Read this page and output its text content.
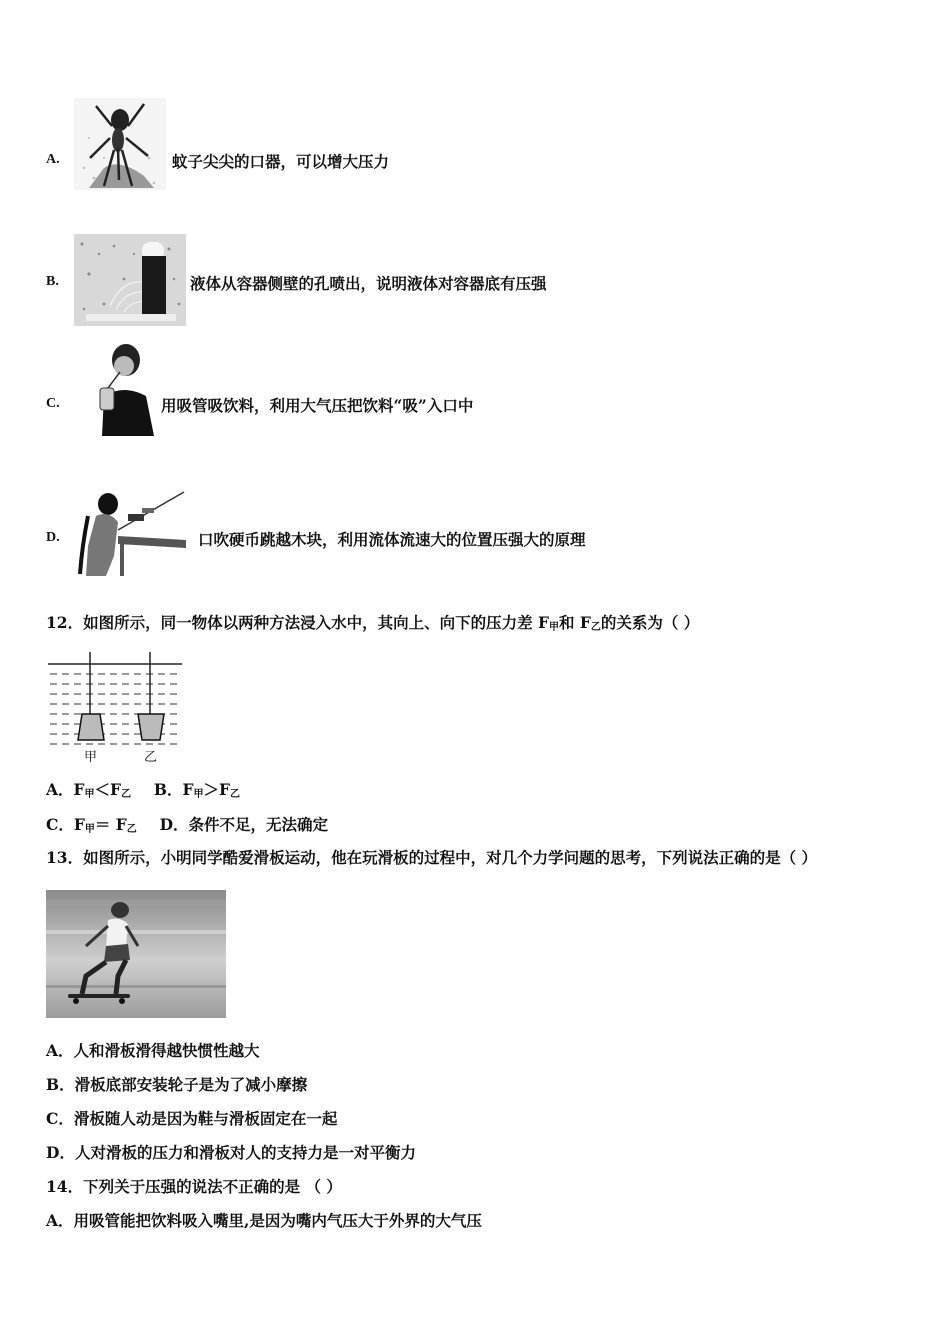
A.	蚊子尖尖的口器，可以增大压力
B.	液体从容器侧壁的孔喷出，说明液体对容器底有压强
C.	用吸管吸饮料，利用大气压把饮料“吸”入口中
D.	口吹硬币跳越木块，利用流体流速大的位置压强大的原理
12．如图所示，同一物体以两种方法浸入水中，其向上、向下的压力差 $F_甲$和 $F_乙$的关系为（ ）
甲	乙
A．$F_甲<F_乙$ B．$F_甲>F_乙$
C．$F_甲= F_乙$ D．条件不足，无法确定
13．如图所示，小明同学酷爱滑板运动，他在玩滑板的过程中，对几个力学问题的思考，下列说法正确的是（ ）
A．人和滑板滑得越快惯性越大
B．滑板底部安装轮子是为了减小摩擦
C．滑板随人动是因为鞋与滑板固定在一起
D．人对滑板的压力和滑板对人的支持力是一对平衡力
14．下列关于压强的说法不正确的是 （ ）
A．用吸管能把饮料吸入嘴里,是因为嘴内气压大于外界的大气压
